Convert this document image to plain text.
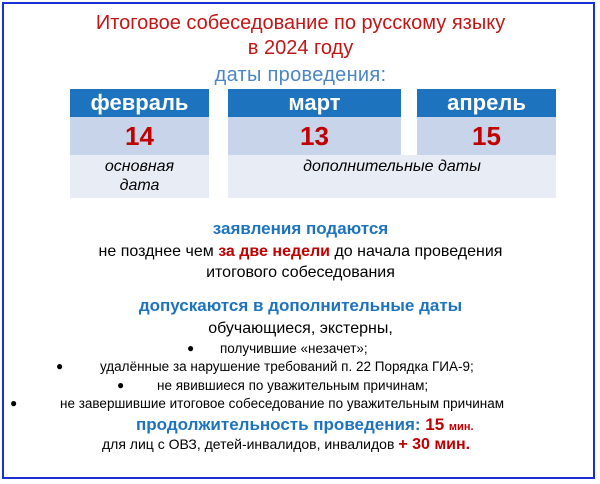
Итоговое собеседование по русскому языку
в 2024 году
даты проведения:
февраль	март	апрель
14	13	15
основная
дата
дополнительные даты
заявления подаются
не позднее чем за две недели до начала проведения
итогового собеседования
допускаются в дополнительные даты
обучающиеся, экстерны,
● получившие «незачет»;
●	удалённые за нарушение требований п. 22 Порядка ГИА-9;
● не явившиеся по уважительным причинам;
●	не завершившие итоговое собеседование по уважительным причинам
продолжительность проведения: 15 мин.
для лиц с ОВЗ, детей-инвалидов, инвалидов + 30 мин.
